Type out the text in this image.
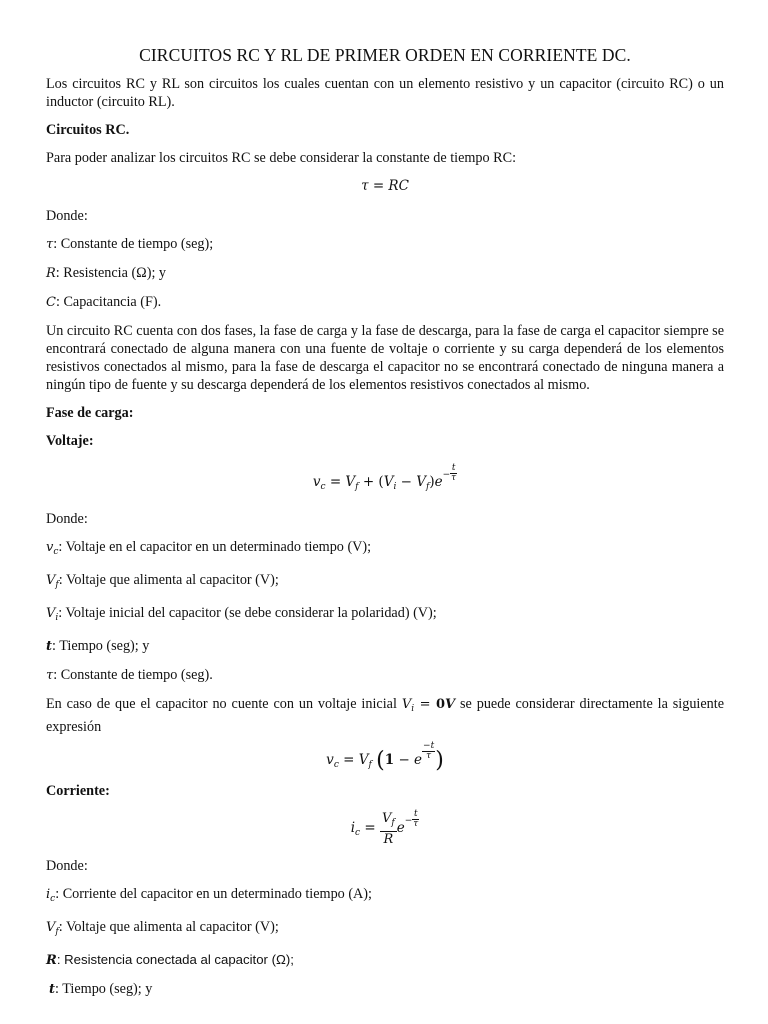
CIRCUITOS RC Y RL DE PRIMER ORDEN EN CORRIENTE DC.

Los circuitos RC y RL son circuitos los cuales cuentan con un elemento resistivo y un capacitor (circuito RC) o un inductor (circuito RL).

Circuitos RC.

Para poder analizar los circuitos RC se debe considerar la constante de tiempo RC:

τ = RC

Donde:

τ: Constante de tiempo (seg);

R: Resistencia (Ω); y

C: Capacitancia (F).

Un circuito RC cuenta con dos fases, la fase de carga y la fase de descarga, para la fase de carga el capacitor siempre se encontrará conectado de alguna manera con una fuente de voltaje o corriente y su carga dependerá de los elementos resistivos conectados al mismo, para la fase de descarga el capacitor no se encontrará conectado de ninguna manera a ningún tipo de fuente y su descarga dependerá de los elementos resistivos conectados al mismo.

Fase de carga:

Voltaje:

$v_c = V_f + (V_i - V_f)e- \frac{t}{\tau}$

Donde:

$v_c$: Voltaje en el capacitor en un determinado tiempo (V);

$V_f$: Voltaje que alimenta al capacitor (V);

$V_i$: Voltaje inicial del capacitor (se debe considerar la polaridad) (V);

t: Tiempo (seg); y

τ: Constante de tiempo (seg).

En caso de que el capacitor no cuente con un voltaje inicial $V_i = 0V$ se puede considerar directamente la siguiente expresión

$v_c = V_f$ (1 − e $\frac{-t}{\tau}$ )

Corriente:

$i_c = \frac{V_f}{R} e- \frac{t}{\tau}$

Donde:

$i_c$: Corriente del capacitor en un determinado tiempo (A);

$V_f$: Voltaje que alimenta al capacitor (V);

R: Resistencia conectada al capacitor (Ω);

t: Tiempo (seg); y
